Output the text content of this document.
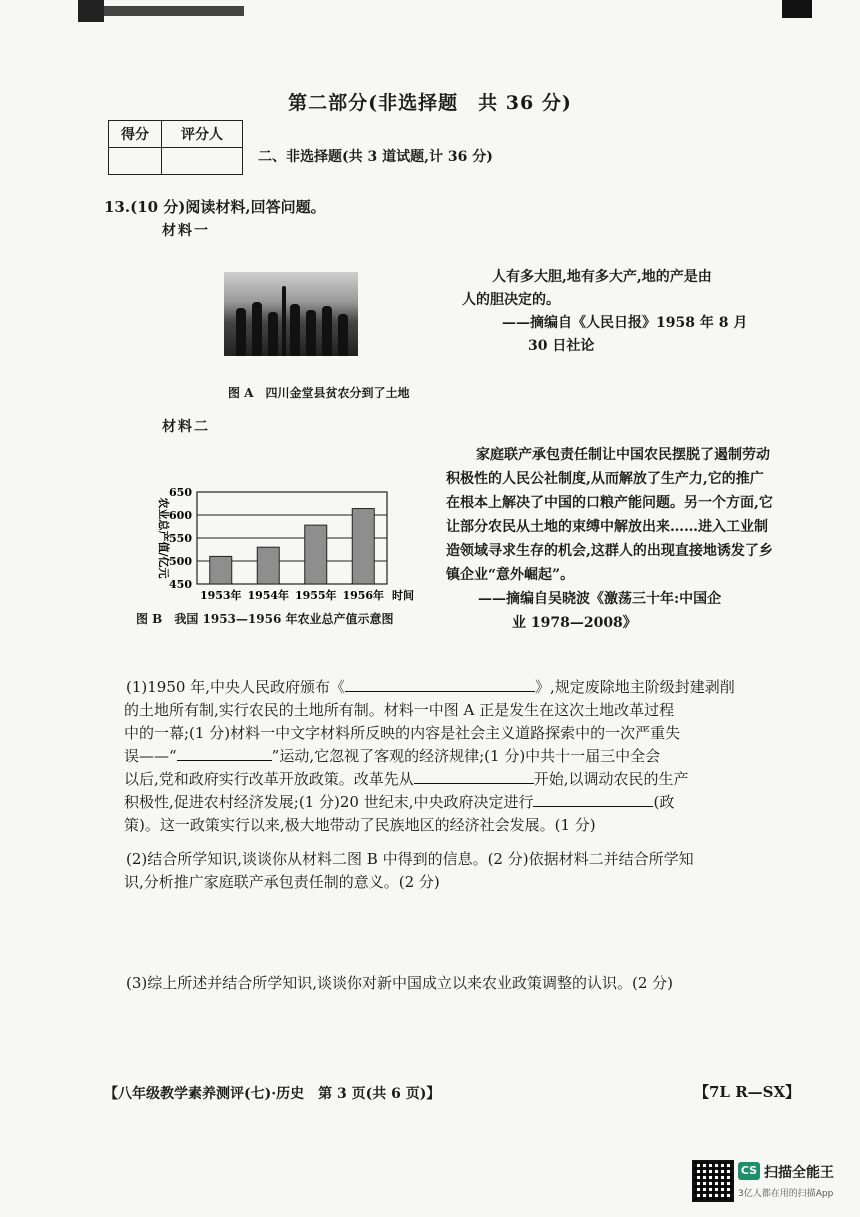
第二部分(非选择题　共 36 分)
得分	评分人

二、非选择题(共 3 道试题,计 36 分)
13.(10 分)阅读材料,回答问题。
材料一
图 A　四川金堂县贫农分到了土地
人有多大胆,地有多大产,地的产是由
人的胆决定的。
——摘编自《人民日报》1958 年 8 月
30 日社论
材料二
450
500
550
600
650
1953年 1954年 1955年 1956年
农业总产值/亿元
时间
图 B　我国 1953—1956 年农业总产值示意图
家庭联产承包责任制让中国农民摆脱了遏制劳动积极性的人民公社制度,从而解放了生产力,它的推广在根本上解决了中国的口粮产能问题。另一个方面,它让部分农民从土地的束缚中解放出来……进入工业制造领域寻求生存的机会,这群人的出现直接地诱发了乡镇企业“意外崛起”。
——摘编自吴晓波《激荡三十年:中国企
业 1978—2008》
(1)1950 年,中央人民政府颁布《	》,规定废除地主阶级封建剥削
的土地所有制,实行农民的土地所有制。材料一中图 A 正是发生在这次土地改革过程
中的一幕;(1 分)材料一中文字材料所反映的内容是社会主义道路探索中的一次严重失
误——“	”运动,它忽视了客观的经济规律;(1 分)中共十一届三中全会
以后,党和政府实行改革开放政策。改革先从	开始,以调动农民的生产
积极性,促进农村经济发展;(1 分)20 世纪末,中央政府决定进行	(政
策)。这一政策实行以来,极大地带动了民族地区的经济社会发展。(1 分)
(2)结合所学知识,谈谈你从材料二图 B 中得到的信息。(2 分)依据材料二并结合所学知
识,分析推广家庭联产承包责任制的意义。(2 分)
(3)综上所述并结合所学知识,谈谈你对新中国成立以来农业政策调整的认识。(2 分)
【八年级教学素养测评(七)·历史　第 3 页(共 6 页)】	【7L R—SX】
CS 扫描全能王
3亿人都在用的扫描App
